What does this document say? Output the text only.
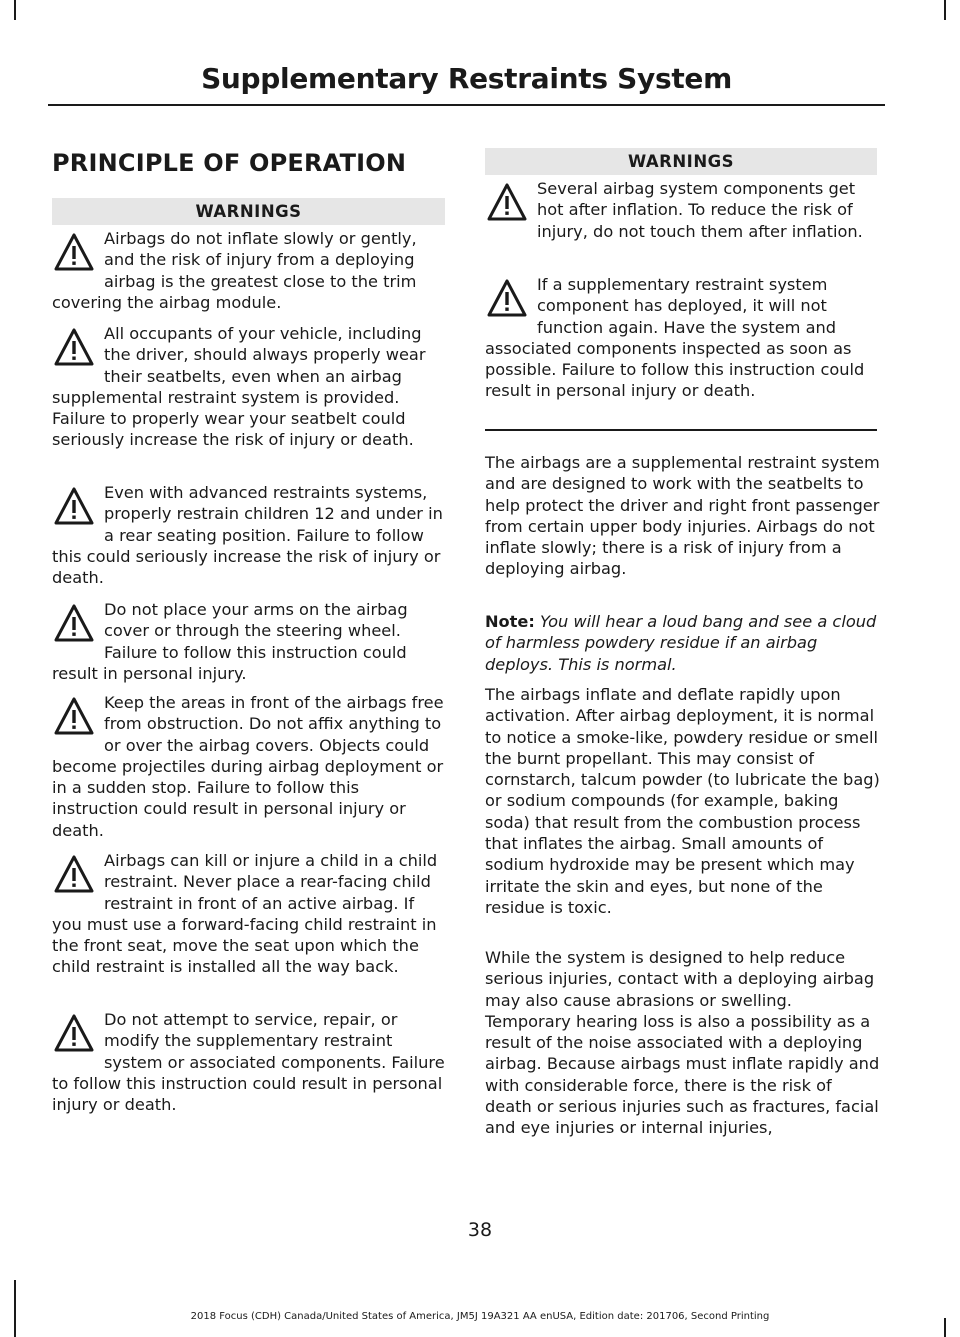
Supplementary Restraints System
PRINCIPLE OF OPERATION
WARNINGS
Airbags do not inflate slowly or gently, and the risk of injury from a deploying airbag is the greatest close to the trim covering the airbag module.
All occupants of your vehicle, including the driver, should always properly wear their seatbelts, even when an airbag supplemental restraint system is provided. Failure to properly wear your seatbelt could seriously increase the risk of injury or death.
Even with advanced restraints systems, properly restrain children 12 and under in a rear seating position. Failure to follow this could seriously increase the risk of injury or death.
Do not place your arms on the airbag cover or through the steering wheel. Failure to follow this instruction could result in personal injury.
Keep the areas in front of the airbags free from obstruction. Do not affix anything to or over the airbag covers. Objects could become projectiles during airbag deployment or in a sudden stop. Failure to follow this instruction could result in personal injury or death.
Airbags can kill or injure a child in a child restraint. Never place a rear-facing child restraint in front of an active airbag. If you must use a forward-facing child restraint in the front seat, move the seat upon which the child restraint is installed all the way back.
Do not attempt to service, repair, or modify the supplementary restraint system or associated components. Failure to follow this instruction could result in personal injury or death.
WARNINGS
Several airbag system components get hot after inflation. To reduce the risk of injury, do not touch them after inflation.
If a supplementary restraint system component has deployed, it will not function again. Have the system and associated components inspected as soon as possible. Failure to follow this instruction could result in personal injury or death.
The airbags are a supplemental restraint system and are designed to work with the seatbelts to help protect the driver and right front passenger from certain upper body injuries. Airbags do not inflate slowly; there is a risk of injury from a deploying airbag.
Note: You will hear a loud bang and see a cloud of harmless powdery residue if an airbag deploys. This is normal.
The airbags inflate and deflate rapidly upon activation. After airbag deployment, it is normal to notice a smoke-like, powdery residue or smell the burnt propellant. This may consist of cornstarch, talcum powder (to lubricate the bag) or sodium compounds (for example, baking soda) that result from the combustion process that inflates the airbag. Small amounts of sodium hydroxide may be present which may irritate the skin and eyes, but none of the residue is toxic.
While the system is designed to help reduce serious injuries, contact with a deploying airbag may also cause abrasions or swelling. Temporary hearing loss is also a possibility as a result of the noise associated with a deploying airbag. Because airbags must inflate rapidly and with considerable force, there is the risk of death or serious injuries such as fractures, facial and eye injuries or internal injuries,
38
2018 Focus (CDH) Canada/United States of America, JM5J 19A321 AA enUSA, Edition date: 201706, Second Printing
